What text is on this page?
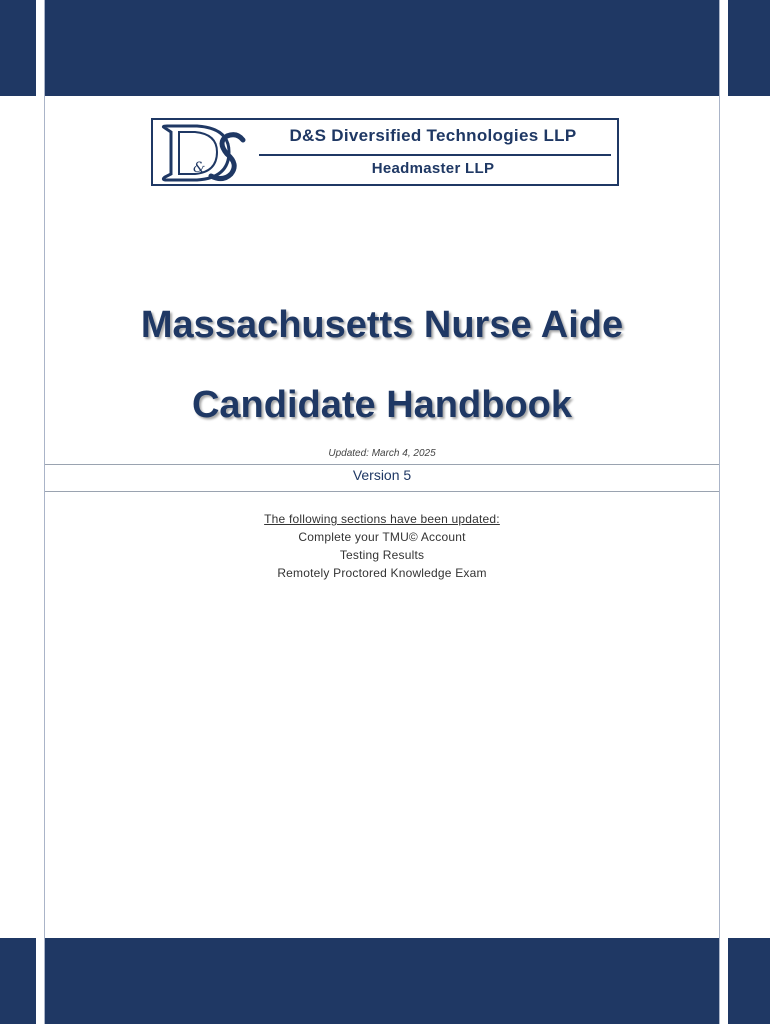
&
D&S Diversified Technologies LLP
Headmaster LLP
Massachusetts Nurse Aide
Candidate Handbook
Updated: March 4, 2025
Version 5
The following sections have been updated:
Complete your TMU© Account
Testing Results
Remotely Proctored Knowledge Exam
